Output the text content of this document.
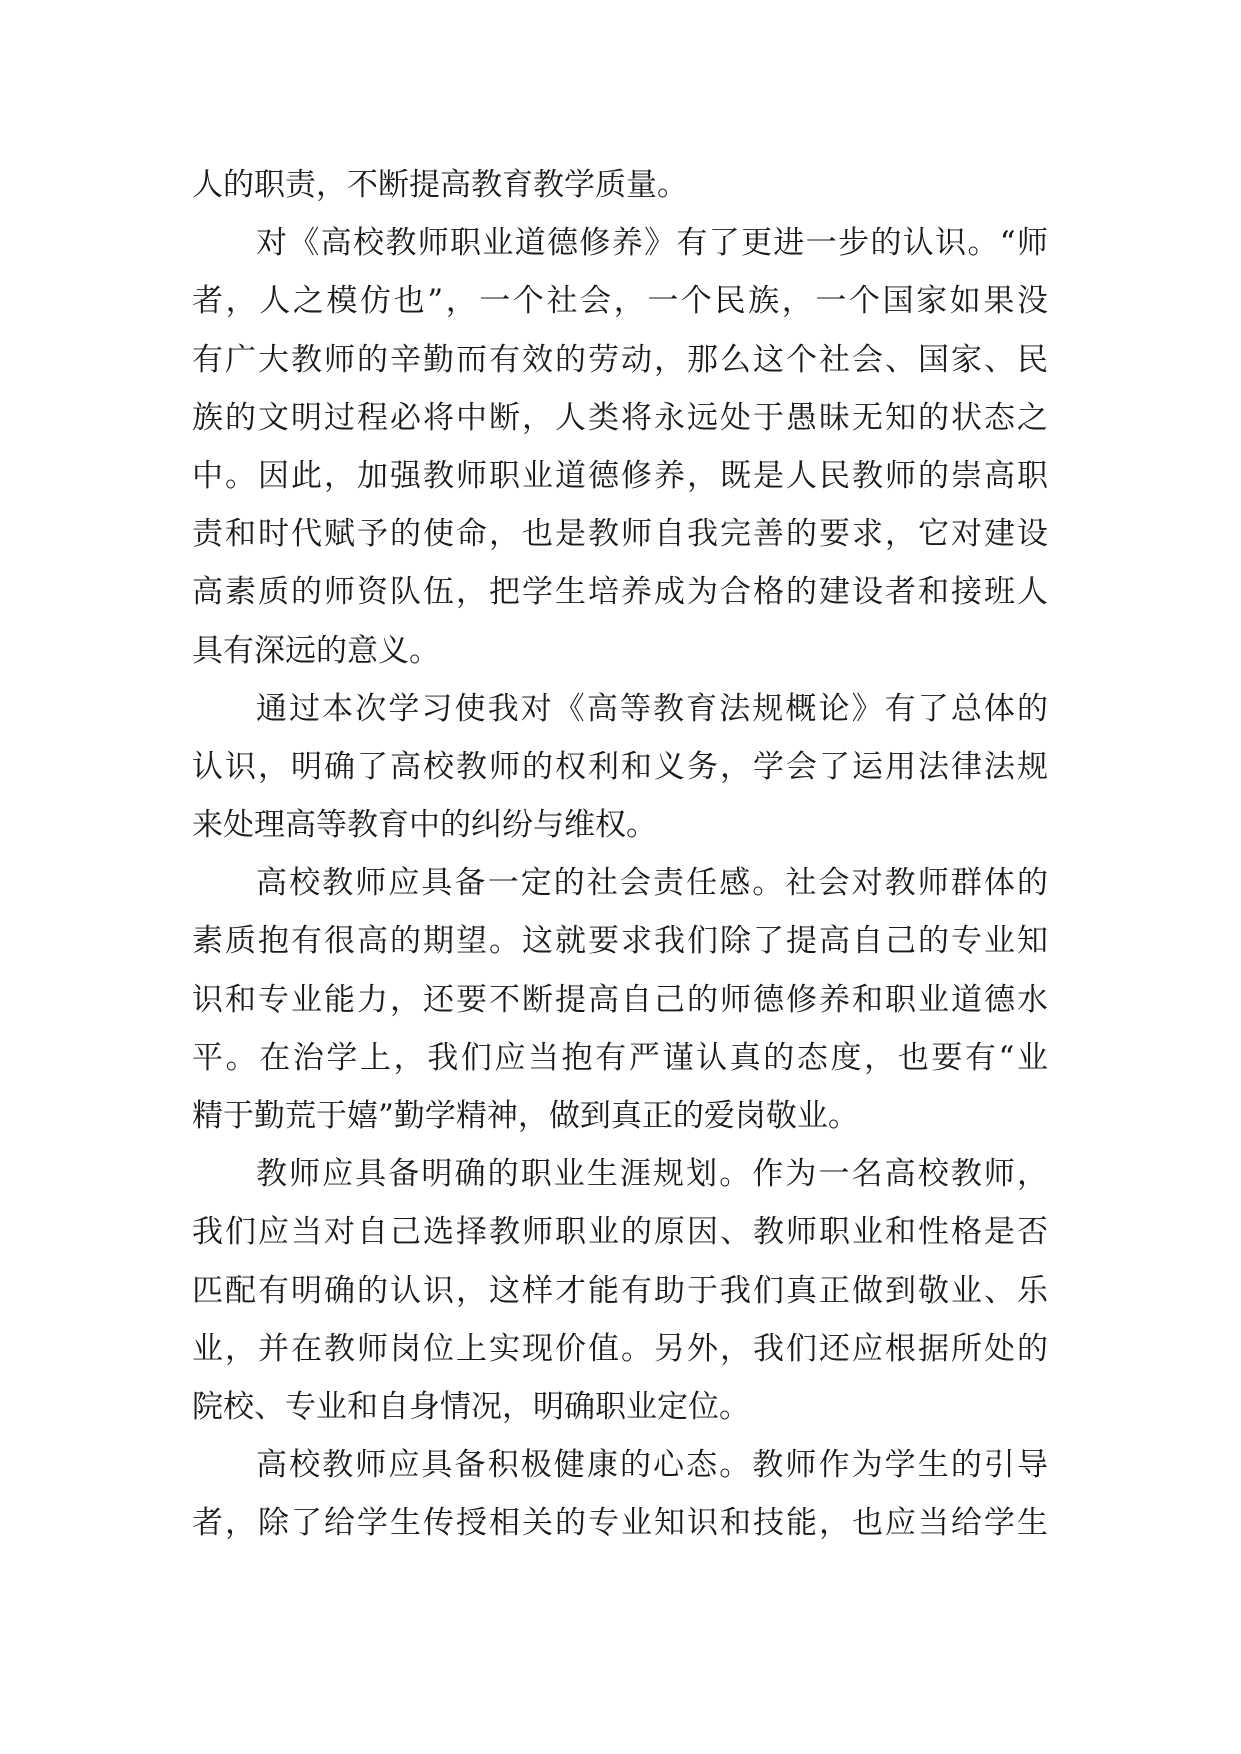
人的职责，不断提高教育教学质量。
对《高校教师职业道德修养》有了更进一步的认识。“师
者，人之模仿也”，一个社会，一个民族，一个国家如果没
有广大教师的辛勤而有效的劳动，那么这个社会、国家、民
族的文明过程必将中断，人类将永远处于愚昧无知的状态之
中。因此，加强教师职业道德修养，既是人民教师的崇高职
责和时代赋予的使命，也是教师自我完善的要求，它对建设
高素质的师资队伍，把学生培养成为合格的建设者和接班人
具有深远的意义。
通过本次学习使我对《高等教育法规概论》有了总体的
认识，明确了高校教师的权利和义务，学会了运用法律法规
来处理高等教育中的纠纷与维权。
高校教师应具备一定的社会责任感。社会对教师群体的
素质抱有很高的期望。这就要求我们除了提高自己的专业知
识和专业能力，还要不断提高自己的师德修养和职业道德水
平。在治学上，我们应当抱有严谨认真的态度，也要有“业
精于勤荒于嬉”勤学精神，做到真正的爱岗敬业。
教师应具备明确的职业生涯规划。作为一名高校教师，
我们应当对自己选择教师职业的原因、教师职业和性格是否
匹配有明确的认识，这样才能有助于我们真正做到敬业、乐
业，并在教师岗位上实现价值。另外，我们还应根据所处的
院校、专业和自身情况，明确职业定位。
高校教师应具备积极健康的心态。教师作为学生的引导
者，除了给学生传授相关的专业知识和技能，也应当给学生
